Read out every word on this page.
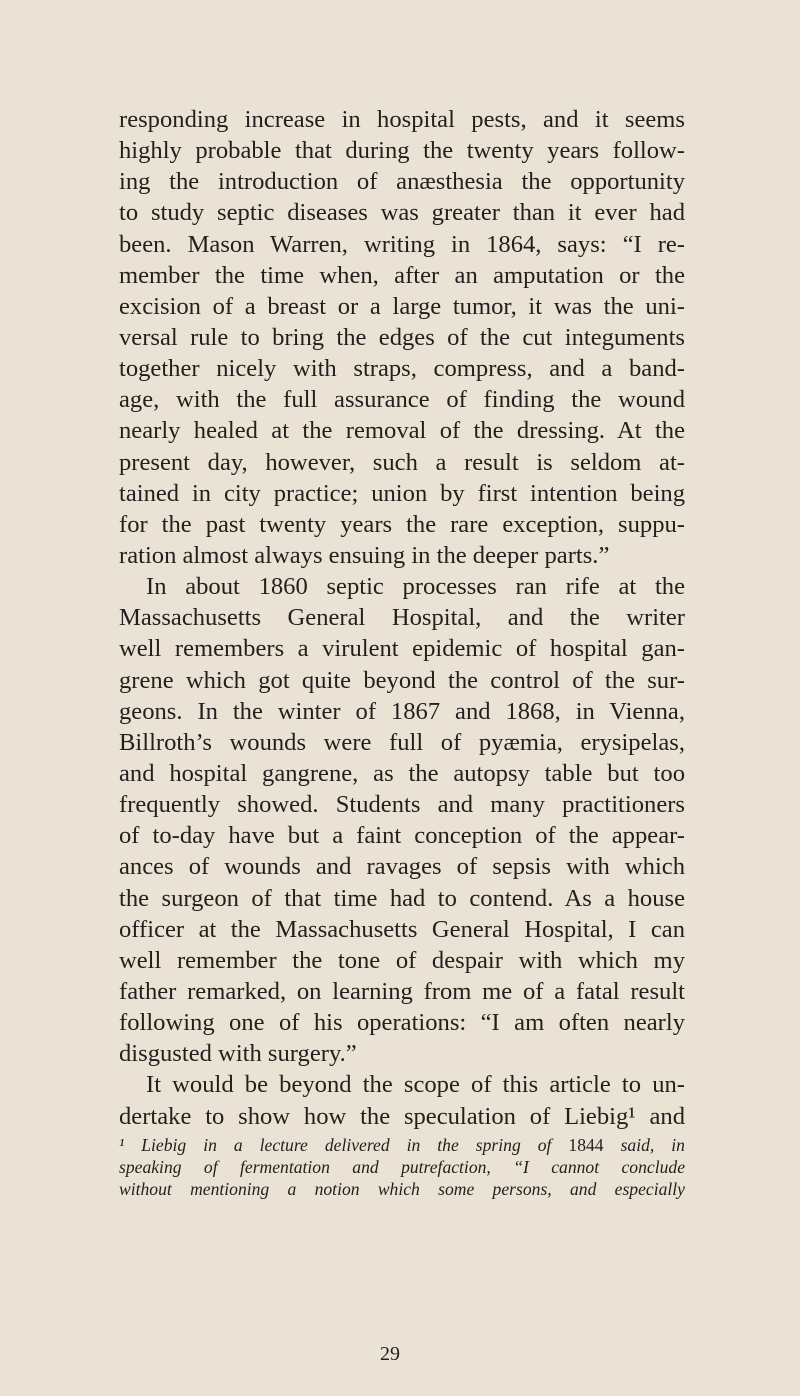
responding increase in hospital pests, and it seems
highly probable that during the twenty years follow-
ing the introduction of anæsthesia the opportunity
to study septic diseases was greater than it ever had
been. Mason Warren, writing in 1864, says: “I re-
member the time when, after an amputation or the
excision of a breast or a large tumor, it was the uni-
versal rule to bring the edges of the cut integuments
together nicely with straps, compress, and a band-
age, with the full assurance of finding the wound
nearly healed at the removal of the dressing. At the
present day, however, such a result is seldom at-
tained in city practice; union by first intention being
for the past twenty years the rare exception, suppu-
ration almost always ensuing in the deeper parts.”
In about 1860 septic processes ran rife at the
Massachusetts General Hospital, and the writer
well remembers a virulent epidemic of hospital gan-
grene which got quite beyond the control of the sur-
geons. In the winter of 1867 and 1868, in Vienna,
Billroth’s wounds were full of pyæmia, erysipelas,
and hospital gangrene, as the autopsy table but too
frequently showed. Students and many practitioners
of to-day have but a faint conception of the appear-
ances of wounds and ravages of sepsis with which
the surgeon of that time had to contend. As a house
officer at the Massachusetts General Hospital, I can
well remember the tone of despair with which my
father remarked, on learning from me of a fatal result
following one of his operations: “I am often nearly
disgusted with surgery.”
It would be beyond the scope of this article to un-
dertake to show how the speculation of Liebig¹ and
¹ Liebig in a lecture delivered in the spring of 1844 said, in
speaking of fermentation and putrefaction, “I cannot conclude
without mentioning a notion which some persons, and especially
29
